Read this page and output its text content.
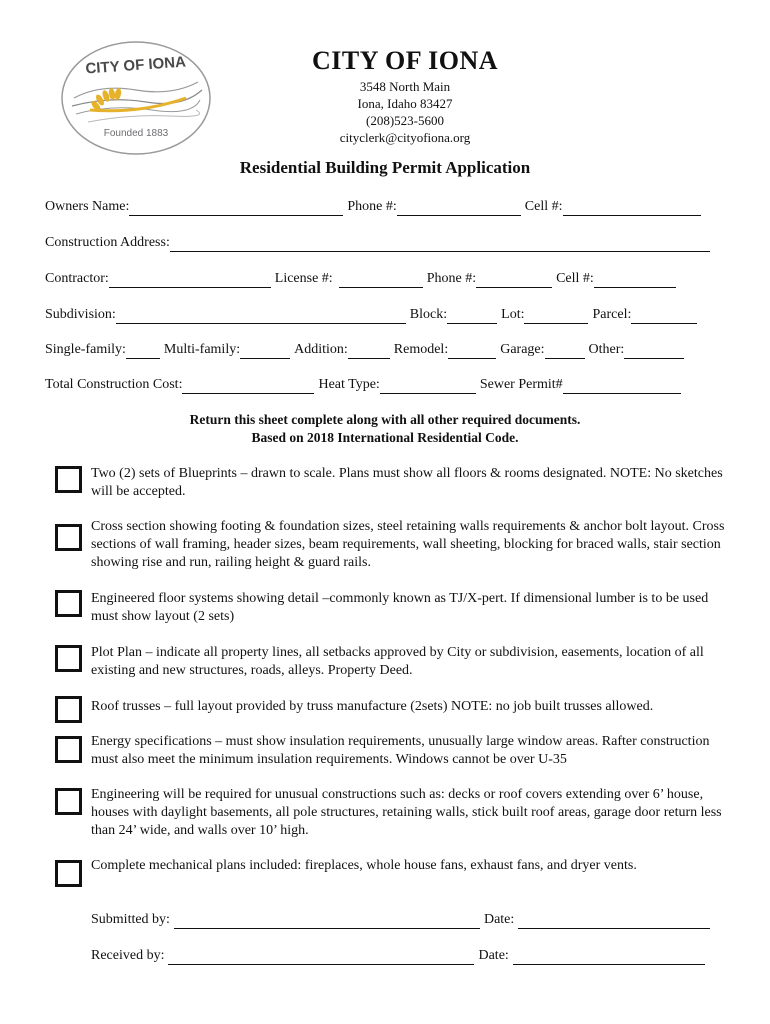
CITY OF IONA
Founded 1883
CITY OF IONA
3548 North Main
Iona, Idaho 83427
(208)523-5600
cityclerk@cityofiona.org
Residential Building Permit Application
Owners Name:	Phone #:	Cell #:
Construction Address:
Contractor:	License #:	Phone #:	Cell #:
Subdivision:	Block:	Lot:	Parcel:
Single-family:	Multi-family:	Addition:	Remodel:	Garage:	Other:
Total Construction Cost:	Heat Type:	Sewer Permit#
Return this sheet complete along with all other required documents.
Based on 2018 International Residential Code.
Two (2) sets of Blueprints – drawn to scale. Plans must show all floors & rooms designated. NOTE: No sketches will be accepted.
Cross section showing footing & foundation sizes, steel retaining walls requirements & anchor bolt layout. Cross sections of wall framing, header sizes, beam requirements, wall sheeting, blocking for braced walls, stair section showing rise and run, railing height & guard rails.
Engineered floor systems showing detail –commonly known as TJ/X-pert. If dimensional lumber is to be used must show layout (2 sets)
Plot Plan – indicate all property lines, all setbacks approved by City or subdivision, easements, location of all existing and new structures, roads, alleys. Property Deed.
Roof trusses – full layout provided by truss manufacture (2sets) NOTE: no job built trusses allowed.
Energy specifications – must show insulation requirements, unusually large window areas. Rafter construction must also meet the minimum insulation requirements. Windows cannot be over U-35
Engineering will be required for unusual constructions such as: decks or roof covers extending over 6’ house, houses with daylight basements, all pole structures, retaining walls, stick built roof areas, garage door return less than 24’ wide, and walls over 10’ high.
Complete mechanical plans included: fireplaces, whole house fans, exhaust fans, and dryer vents.
Submitted by:	Date:
Received by:	Date:
